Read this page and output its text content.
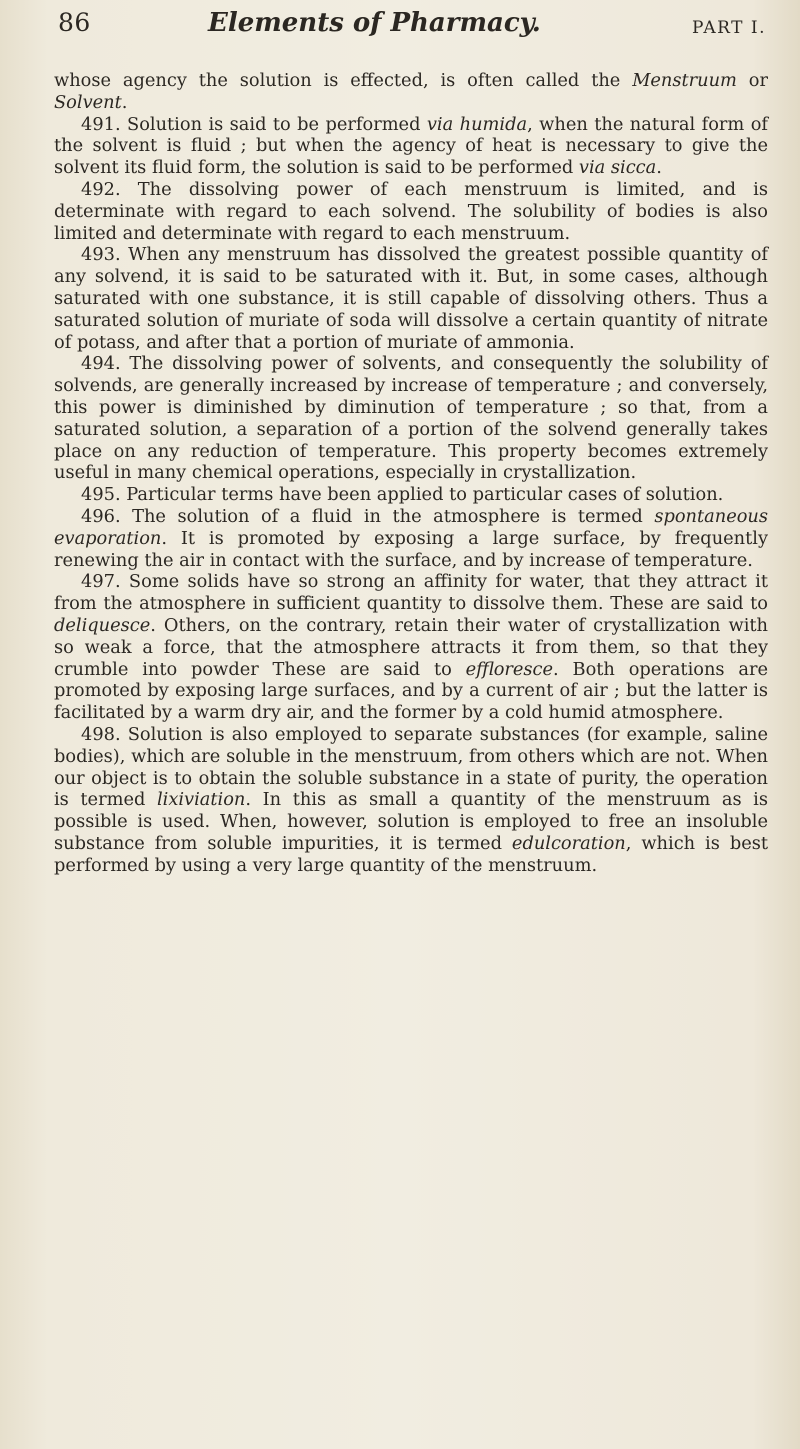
86	Elements of Pharmacy.	PART I.

whose agency the solution is effected, is often called the Menstruum or Solvent.

491. Solution is said to be performed via humida, when the natural form of the solvent is fluid ; but when the agency of heat is necessary to give the solvent its fluid form, the solution is said to be performed via sicca.

492. The dissolving power of each menstruum is limited, and is determinate with regard to each solvend. The solubility of bodies is also limited and determinate with regard to each menstruum.

493. When any menstruum has dissolved the greatest possible quantity of any solvend, it is said to be saturated with it. But, in some cases, although saturated with one substance, it is still capable of dissolving others. Thus a saturated solution of muriate of soda will dissolve a certain quantity of nitrate of potass, and after that a portion of muriate of ammonia.

494. The dissolving power of solvents, and consequently the solubility of solvends, are generally increased by increase of temperature ; and conversely, this power is diminished by diminution of temperature ; so that, from a saturated solution, a separation of a portion of the solvend generally takes place on any reduction of temperature. This property becomes extremely useful in many chemical operations, especially in crystallization.

495. Particular terms have been applied to particular cases of solution.

496. The solution of a fluid in the atmosphere is termed spontaneous evaporation. It is promoted by exposing a large surface, by frequently renewing the air in contact with the surface, and by increase of temperature.

497. Some solids have so strong an affinity for water, that they attract it from the atmosphere in sufficient quantity to dissolve them. These are said to deliquesce. Others, on the contrary, retain their water of crystallization with so weak a force, that the atmosphere attracts it from them, so that they crumble into powder These are said to effloresce. Both operations are promoted by exposing large surfaces, and by a current of air ; but the latter is facilitated by a warm dry air, and the former by a cold humid atmosphere.

498. Solution is also employed to separate substances (for example, saline bodies), which are soluble in the menstruum, from others which are not. When our object is to obtain the soluble substance in a state of purity, the operation is termed lixiviation. In this as small a quantity of the menstruum as is possible is used. When, however, solution is employed to free an insoluble substance from soluble impurities, it is termed edulcoration, which is best performed by using a very large quantity of the menstruum.
